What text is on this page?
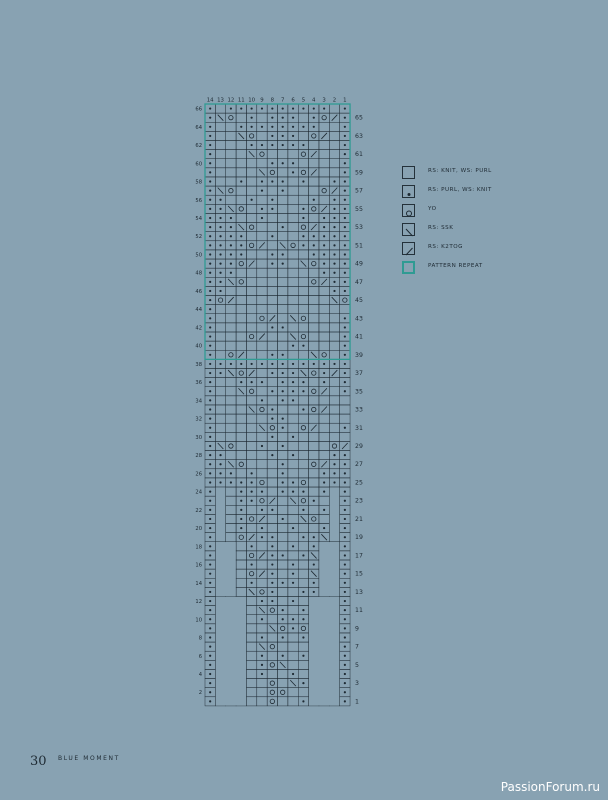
14 13 12 11 10 9 8 7 6 5 4 3 2 1
1
2
3
4
5
6
7
8
9
10
11
12
13
14
15
16
17
18
19
20
21
22
23
24
25
26
27
28
29
30
31
32
33
34
35
36
37
38
39
40
41
42
43
44
45
46
47
48
49
50
51
52
53
54
55
56
57
58
59
60
61
62
63
64
65
66
RS: KNIT, WS: PURL
RS: PURL, WS: KNIT
YO
RS: SSK
RS: K2TOG
PATTERN REPEAT
30 BLUE MOMENT
PassionForum.ru
